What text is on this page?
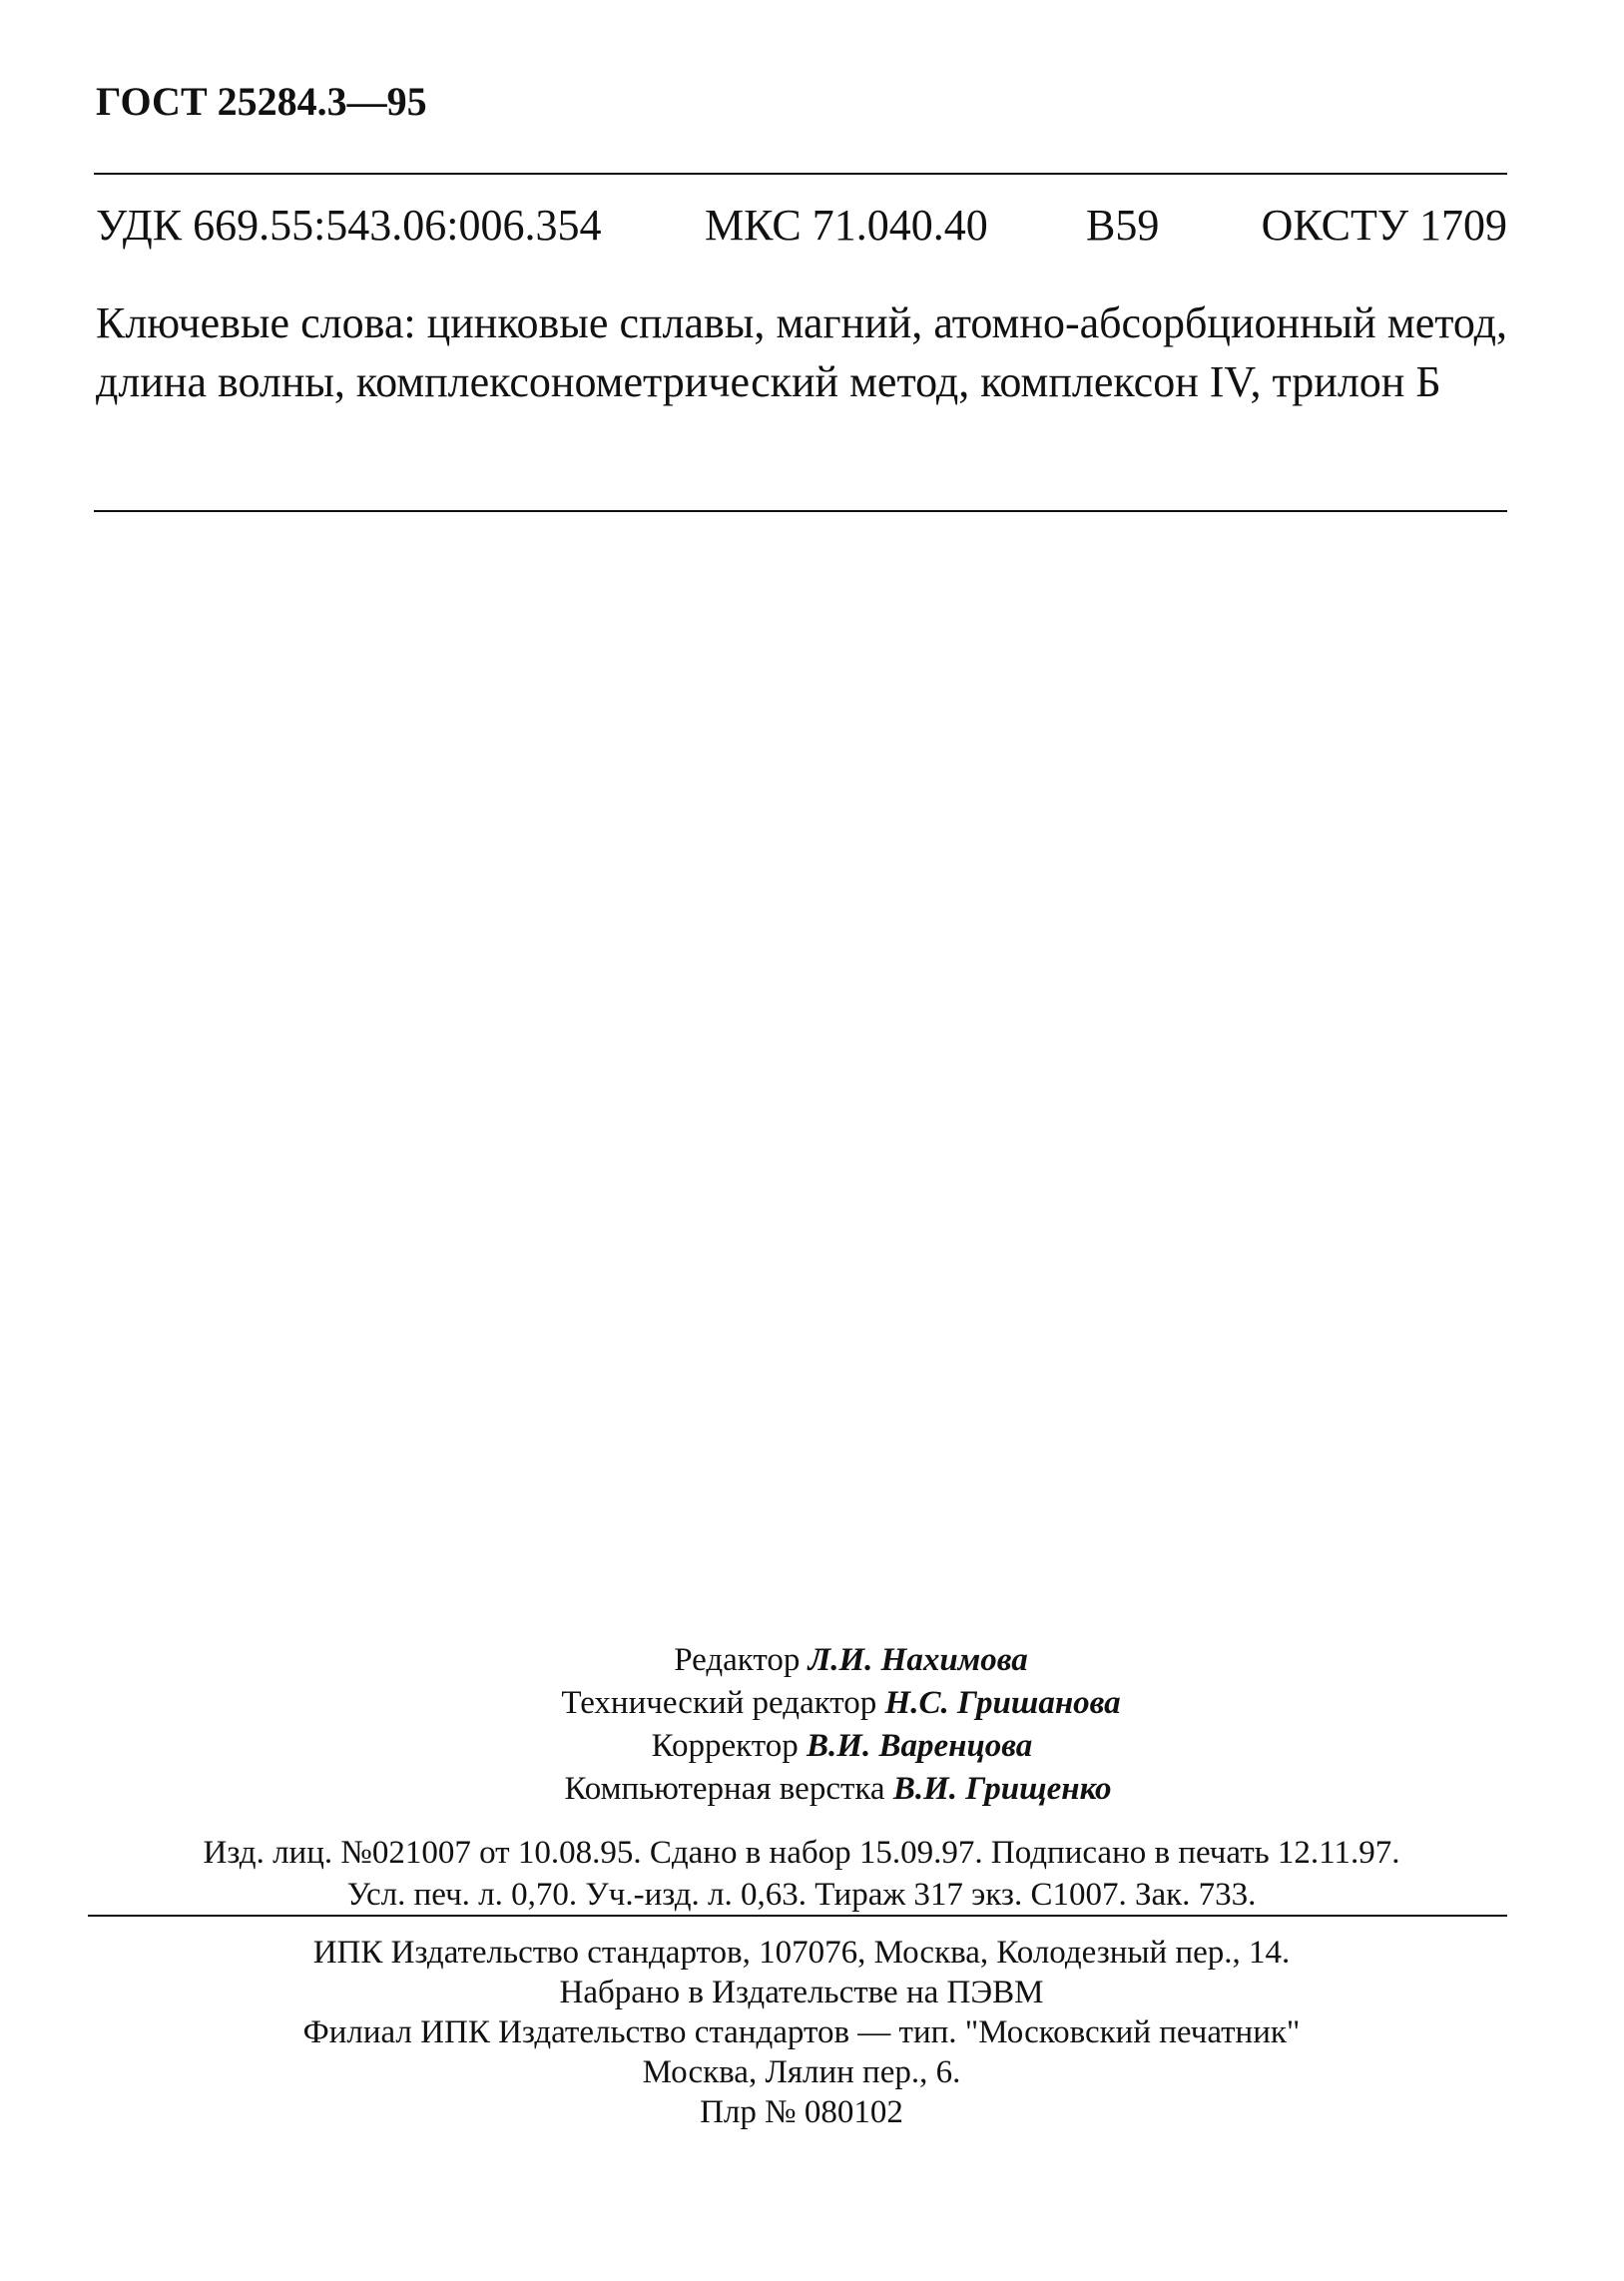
ГОСТ 25284.3—95
УДК 669.55:543.06:006.354 МКС 71.040.40 В59 ОКСТУ 1709
Ключевые слова: цинковые сплавы, магний, атомно-абсорбционный метод, длина волны, комплексонометрический метод, комплексон IV, трилон Б
Редактор Л.И. Нахимова
Технический редактор Н.С. Гришанова
Корректор В.И. Варенцова
Компьютерная верстка В.И. Грищенко
Изд. лиц. №021007 от 10.08.95. Сдано в набор 15.09.97. Подписано в печать 12.11.97.
Усл. печ. л. 0,70. Уч.-изд. л. 0,63. Тираж 317 экз. С1007. Зак. 733.
ИПК Издательство стандартов, 107076, Москва, Колодезный пер., 14.
Набрано в Издательстве на ПЭВМ
Филиал ИПК Издательство стандартов — тип. "Московский печатник"
Москва, Лялин пер., 6.
Плр № 080102
